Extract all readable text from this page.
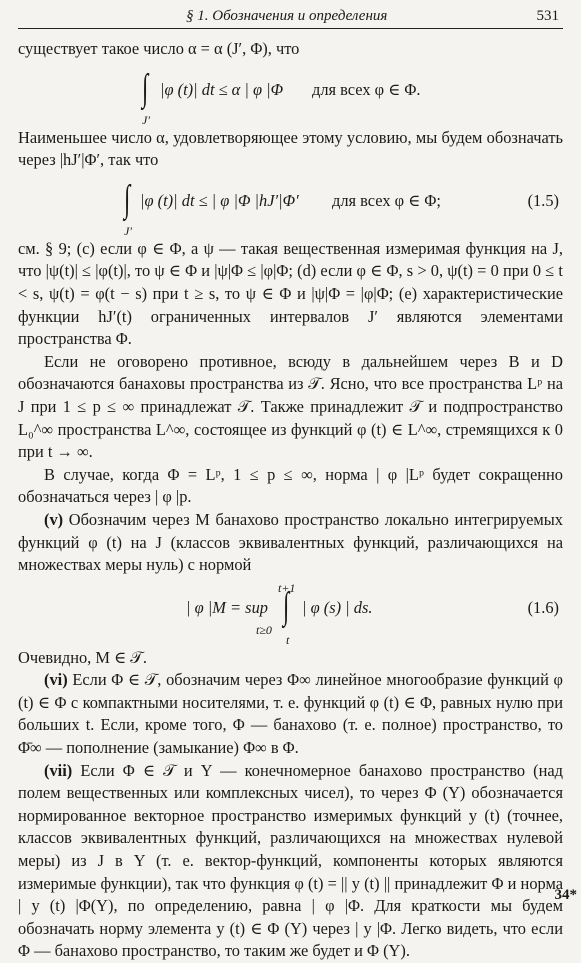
§ 1. Обозначения и определения	531

существует такое число α = α (J′, Φ), что

∫
J′
|φ (t)| dt ≤ α | φ |Φ для всех φ ∈ Φ.

Наименьшее число α, удовлетворяющее этому условию, мы будем обозначать через |hJ′|Φ′, так что

∫
J′
|φ (t)| dt ≤ | φ |Φ |hJ′|Φ′ для всех φ ∈ Φ;	(1.5)

см. § 9; (c) если φ ∈ Φ, а ψ — такая вещественная измеримая функция на J, что |ψ(t)| ≤ |φ(t)|, то ψ ∈ Φ и |ψ|Φ ≤ |φ|Φ; (d) если φ ∈ Φ, s > 0, ψ(t) = 0 при 0 ≤ t < s, ψ(t) = φ(t − s) при t ≥ s, то ψ ∈ Φ и |ψ|Φ = |φ|Φ; (e) характеристические функции hJ′(t) ограниченных интервалов J′ являются элементами пространства Φ.

Если не оговорено противное, всюду в дальнейшем через B и D обозначаются банаховы пространства из 𝒯. Ясно, что все пространства Lᵖ на J при 1 ≤ p ≤ ∞ принадлежат 𝒯. Также принадлежит 𝒯 и подпространство L₀^∞ пространства L^∞, состоящее из функций φ (t) ∈ L^∞, стремящихся к 0 при t → ∞.

В случае, когда Φ = Lᵖ, 1 ≤ p ≤ ∞, норма | φ |Lᵖ будет сокращенно обозначаться через | φ |p.

(v) Обозначим через M банахово пространство локально интегрируемых функций φ (t) на J (классов эквивалентных функций, различающихся на множествах меры нуль) с нормой

| φ |M = sup
t≥0
t+1
∫
t
| φ (s) | ds.	(1.6)

Очевидно, M ∈ 𝒯.

(vi) Если Φ ∈ 𝒯, обозначим через Φ∞ линейное многообразие функций φ (t) ∈ Φ с компактными носителями, т. е. функций φ (t) ∈ Φ, равных нулю при больших t. Если, кроме того, Φ — банахово (т. е. полное) пространство, то Φ̄∞ — пополнение (замыкание) Φ∞ в Φ.

(vii) Если Φ ∈ 𝒯 и Y — конечномерное банахово пространство (над полем вещественных или комплексных чисел), то через Φ (Y) обозначается нормированное векторное пространство измеримых функций y (t) (точнее, классов эквивалентных функций, различающихся на множествах нулевой меры) из J в Y (т. е. вектор-функций, компоненты которых являются измеримые функции), так что функция φ (t) = || y (t) || принадлежит Φ и норма | y (t) |Φ(Y), по определению, равна | φ |Φ. Для краткости мы будем обозначать норму элемента y (t) ∈ Φ (Y) через | y |Φ. Легко видеть, что если Φ — банахово пространство, то таким же будет и Φ (Y).

34*
